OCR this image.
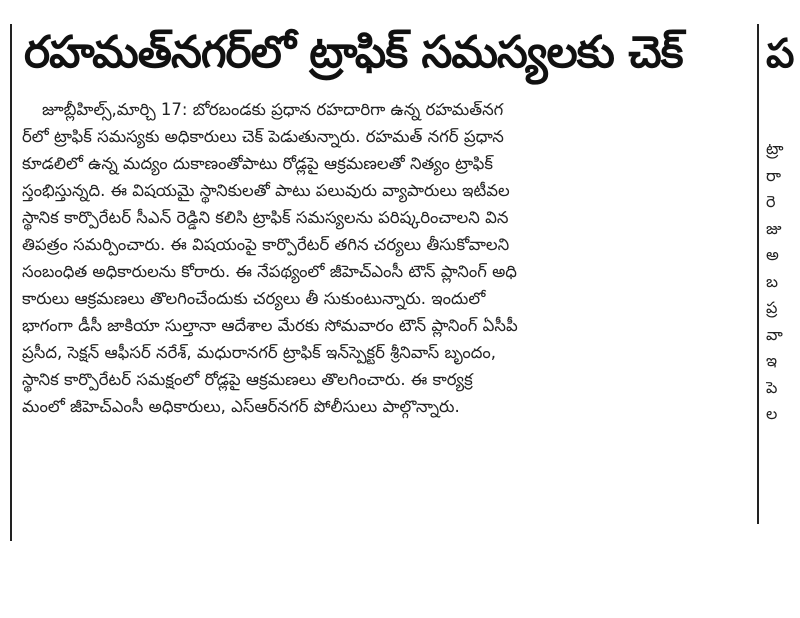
రహమత్‌నగర్‌లో ట్రాఫిక్ సమస్యలకు చెక్
జూబ్లీహిల్స్,మార్చి 17: బోరబండకు ప్రధాన రహదారిగా ఉన్న రహమత్‌నగ
ర్‌లో ట్రాఫిక్ సమస్యకు అధికారులు చెక్ పెడుతున్నారు. రహమత్ నగర్ ప్రధాన
కూడలిలో ఉన్న మద్యం దుకాణంతోపాటు రోడ్లపై ఆక్రమణలతో నిత్యం ట్రాఫిక్
స్తంభిస్తున్నది. ఈ విషయమై స్థానికులతో పాటు పలువురు వ్యాపారులు ఇటీవల
స్థానిక కార్పొరేటర్ సీఎన్ రెడ్డిని కలిసి ట్రాఫిక్ సమస్యలను పరిష్కరించాలని విన
తిపత్రం సమర్పించారు. ఈ విషయంపై కార్పొరేటర్ తగిన చర్యలు తీసుకోవాలని
సంబంధిత అధికారులను కోరారు. ఈ నేపథ్యంలో జీహెచ్‌ఎంసీ టౌన్ ప్లానింగ్ అధి
కారులు ఆక్రమణలు తొలగించేందుకు చర్యలు తీ సుకుంటున్నారు. ఇందులో
భాగంగా డీసీ జాకియా సుల్తానా ఆదేశాల మేరకు సోమవారం టౌన్ ప్లానింగ్ ఏసీపీ
ప్రసీద, సెక్షన్ ఆఫీసర్ నరేశ్, మధురానగర్ ట్రాఫిక్ ఇన్‌స్పెక్టర్ శ్రీనివాస్ బృందం,
స్థానిక కార్పొరేటర్ సమక్షంలో రోడ్లపై ఆక్రమణలు తొలగించారు. ఈ కార్యక్ర
మంలో జీహెచ్‌ఎంసీ అధికారులు, ఎస్‌ఆర్‌నగర్ పోలీసులు పాల్గొన్నారు.
ప
ట్రా
రా
రె
జు
అ
బ
ప్ర
వా
ఇ
పె
ల
